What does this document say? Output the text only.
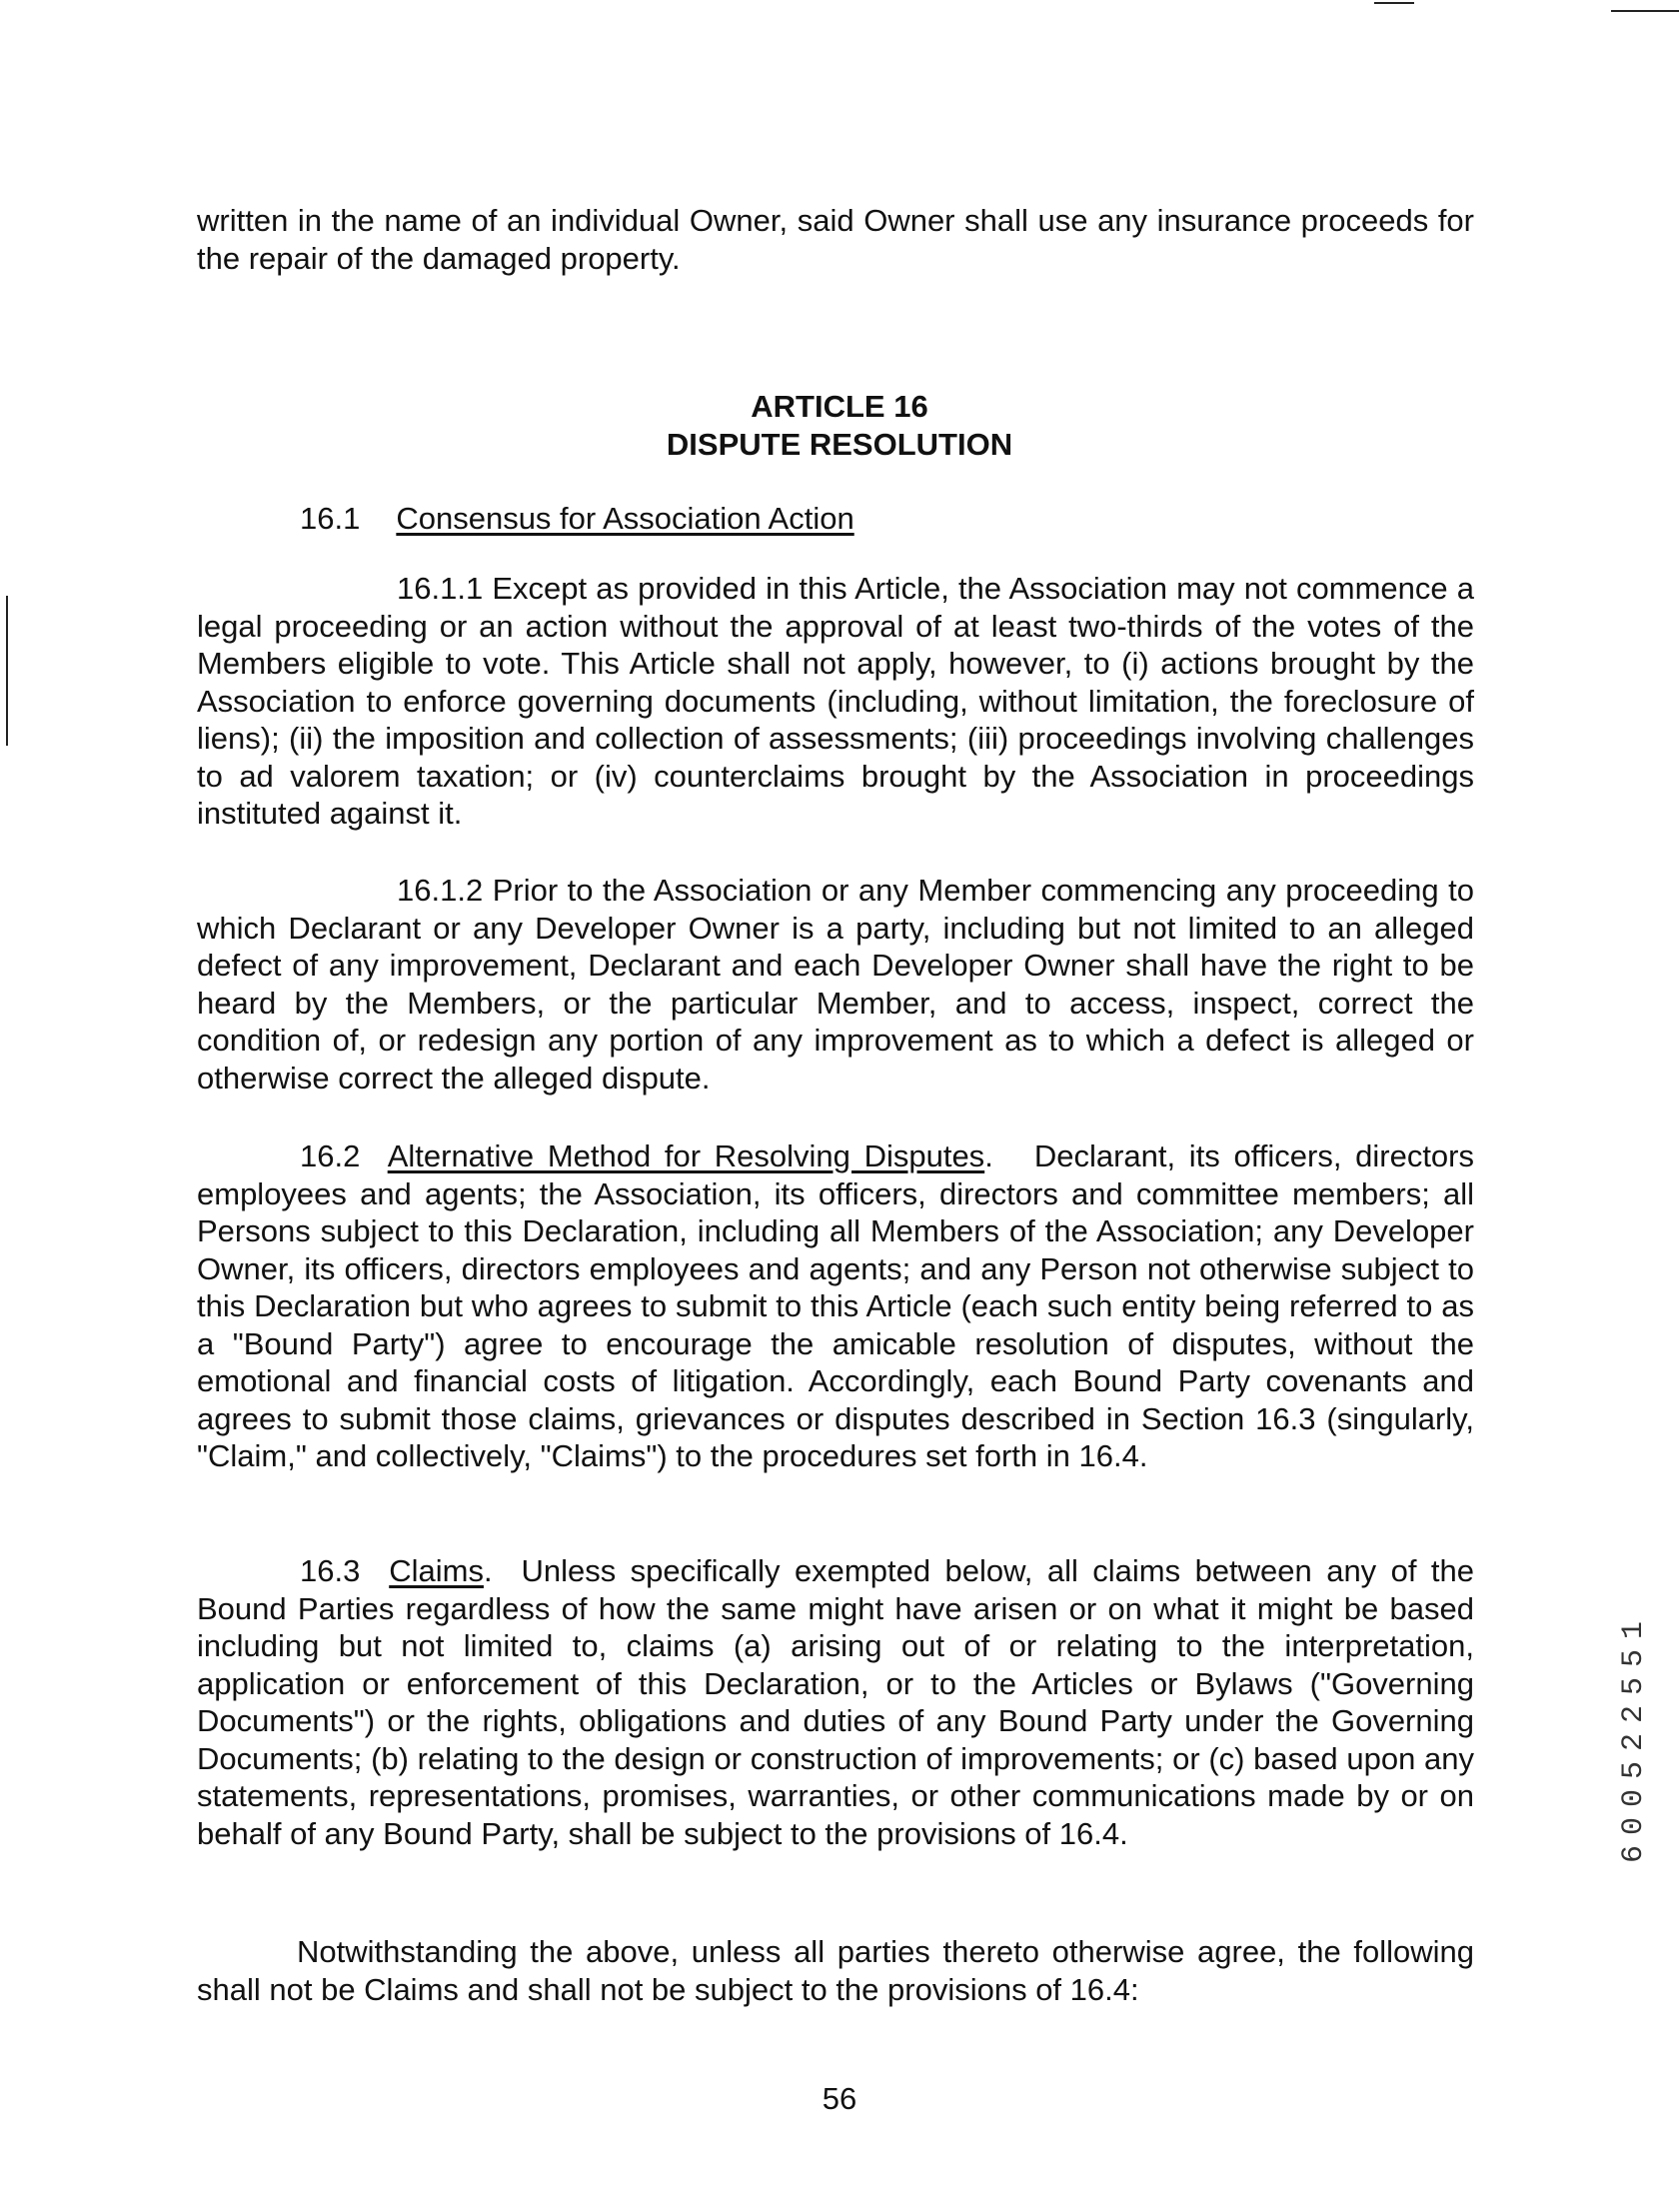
written in the name of an individual Owner, said Owner shall use any insurance proceeds for the repair of the damaged property.
ARTICLE 16
DISPUTE RESOLUTION
16.1 Consensus for Association Action
16.1.1 Except as provided in this Article, the Association may not commence a legal proceeding or an action without the approval of at least two-thirds of the votes of the Members eligible to vote. This Article shall not apply, however, to (i) actions brought by the Association to enforce governing documents (including, without limitation, the foreclosure of liens); (ii) the imposition and collection of assessments; (iii) proceedings involving challenges to ad valorem taxation; or (iv) counterclaims brought by the Association in proceedings instituted against it.
16.1.2 Prior to the Association or any Member commencing any proceeding to which Declarant or any Developer Owner is a party, including but not limited to an alleged defect of any improvement, Declarant and each Developer Owner shall have the right to be heard by the Members, or the particular Member, and to access, inspect, correct the condition of, or redesign any portion of any improvement as to which a defect is alleged or otherwise correct the alleged dispute.
16.2 Alternative Method for Resolving Disputes.   Declarant, its officers, directors employees and agents; the Association, its officers, directors and committee members; all Persons subject to this Declaration, including all Members of the Association; any Developer Owner, its officers, directors employees and agents; and any Person not otherwise subject to this Declaration but who agrees to submit to this Article (each such entity being referred to as a "Bound Party") agree to encourage the amicable resolution of disputes, without the emotional and financial costs of litigation. Accordingly, each Bound Party covenants and agrees to submit those claims, grievances or disputes described in Section 16.3 (singularly, "Claim," and collectively, "Claims") to the procedures set forth in 16.4.
16.3 Claims.  Unless specifically exempted below, all claims between any of the Bound Parties regardless of how the same might have arisen or on what it might be based including but not limited to, claims (a) arising out of or relating to the interpretation, application or enforcement of this Declaration, or to the Articles or Bylaws ("Governing Documents") or the rights, obligations and duties of any Bound Party under the Governing Documents; (b) relating to the design or construction of improvements; or (c) based upon any statements, representations, promises, warranties, or other communications made by or on behalf of any Bound Party, shall be subject to the provisions of 16.4.
Notwithstanding the above, unless all parties thereto otherwise agree, the following shall not be Claims and shall not be subject to the provisions of 16.4:
56
600522551
